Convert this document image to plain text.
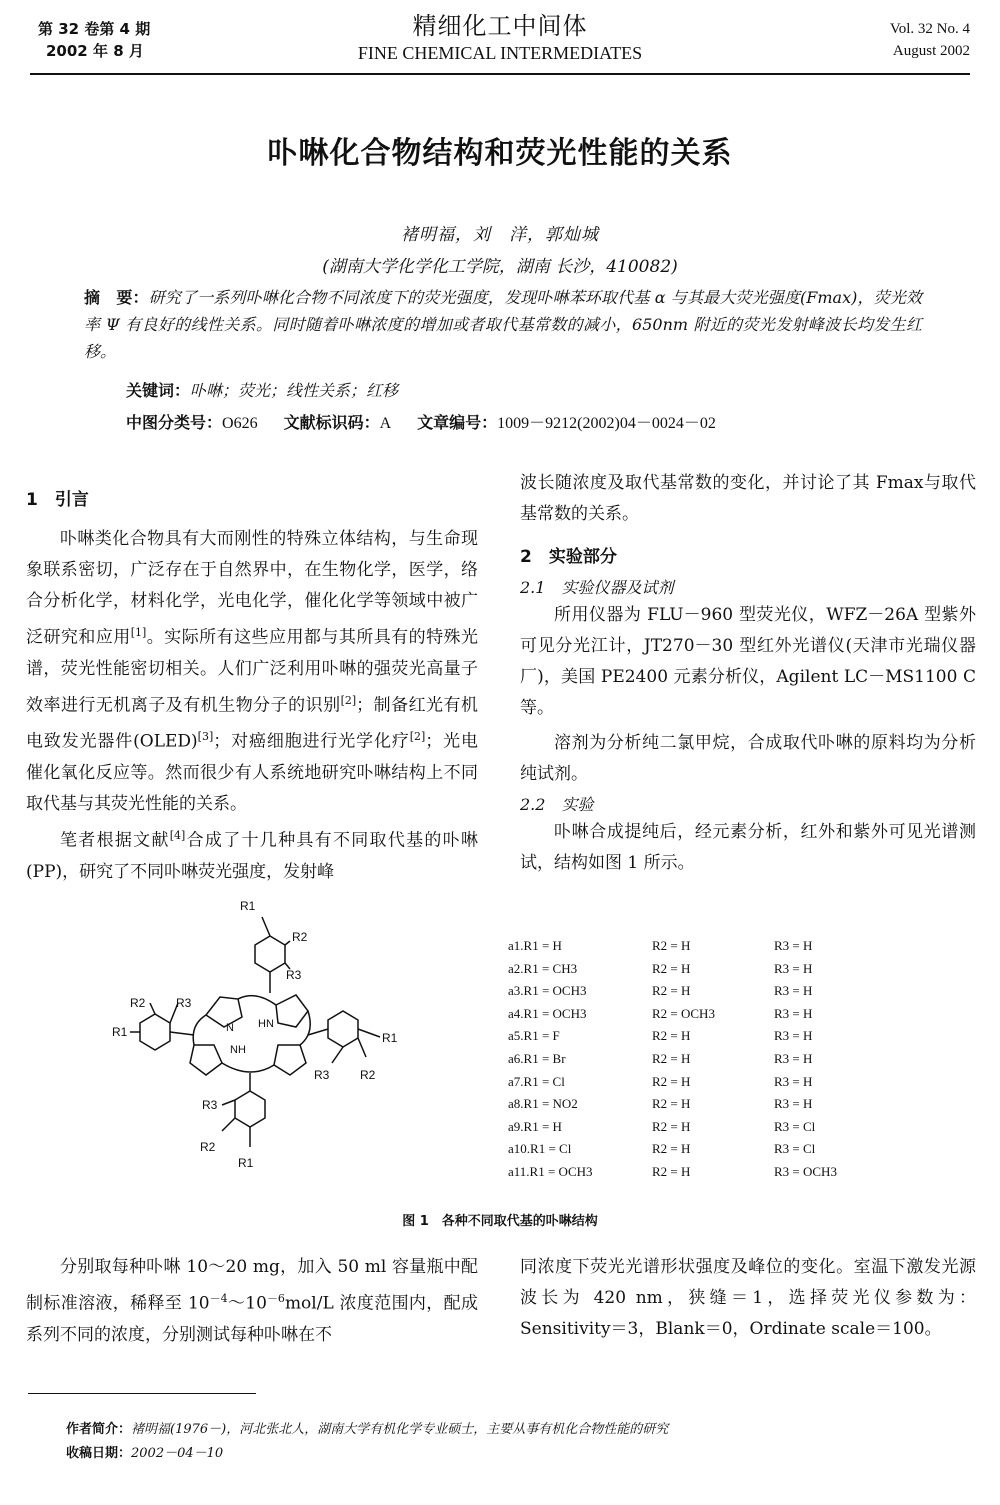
第 32 卷第 4 期
2002 年 8 月
精细化工中间体
FINE CHEMICAL INTERMEDIATES
Vol. 32 No. 4
August 2002
卟啉化合物结构和荧光性能的关系
褚明福，刘　洋，郭灿城
(湖南大学化学化工学院，湖南 长沙，410082)
摘　要：研究了一系列卟啉化合物不同浓度下的荧光强度，发现卟啉苯环取代基 α 与其最大荧光强度(Fmax)，荧光效率 Ψ 有良好的线性关系。同时随着卟啉浓度的增加或者取代基常数的减小，650nm 附近的荧光发射峰波长均发生红移。
关键词：卟啉；荧光；线性关系；红移
中图分类号：O626 文献标识码：A 文章编号：1009－9212(2002)04－0024－02
1　引言

卟啉类化合物具有大而刚性的特殊立体结构，与生命现象联系密切，广泛存在于自然界中，在生物化学，医学，络合分析化学，材料化学，光电化学，催化化学等领域中被广泛研究和应用[1]。实际所有这些应用都与其所具有的特殊光谱，荧光性能密切相关。人们广泛利用卟啉的强荧光高量子效率进行无机离子及有机生物分子的识别[2]；制备红光有机电致发光器件(OLED)[3]；对癌细胞进行光学化疗[2]；光电催化氧化反应等。然而很少有人系统地研究卟啉结构上不同取代基与其荧光性能的关系。

笔者根据文献[4]合成了十几种具有不同取代基的卟啉(PP)，研究了不同卟啉荧光强度，发射峰

波长随浓度及取代基常数的变化，并讨论了其 Fmax与取代基常数的关系。

2　实验部分
2.1　实验仪器及试剂

所用仪器为 FLU－960 型荧光仪，WFZ－26A 型紫外可见分光江计，JT270－30 型红外光谱仪(天津市光瑞仪器厂)，美国 PE2400 元素分析仪，Agilent LC－MS1100 C 等。

溶剂为分析纯二氯甲烷，合成取代卟啉的原料均为分析纯试剂。

2.2　实验

卟啉合成提纯后，经元素分析，红外和紫外可见光谱测试，结构如图 1 所示。

R1
R2
R3
R2	R3
R1	R1
R3	R2
R3
R2
R1
N HN
NH
a1.R1 = H	R2 = H	R3 = H
a2.R1 = CH3	R2 = H	R3 = H
a3.R1 = OCH3	R2 = H	R3 = H
a4.R1 = OCH3	R2 = OCH3	R3 = H
a5.R1 = F	R2 = H	R3 = H
a6.R1 = Br	R2 = H	R3 = H
a7.R1 = Cl	R2 = H	R3 = H
a8.R1 = NO2	R2 = H	R3 = H
a9.R1 = H	R2 = H	R3 = Cl
a10.R1 = Cl	R2 = H	R3 = Cl
a11.R1 = OCH3	R2 = H	R3 = OCH3
图 1　各种不同取代基的卟啉结构

分别取每种卟啉 10～20 mg，加入 50 ml 容量瓶中配制标准溶液，稀释至 $10^{-4}\sim 10^{-6}mol/L$ 浓度范围内，配成系列不同的浓度，分别测试每种卟啉在不

同浓度下荧光光谱形状强度及峰位的变化。室温下激发光源波长为 420 nm，狭缝＝1，选择荧光仪参数为：Sensitivity＝3，Blank＝0，Ordinate scale＝100。

作者简介：褚明福(1976－)，河北张北人，湖南大学有机化学专业硕士，主要从事有机化合物性能的研究
收稿日期：2002－04－10
